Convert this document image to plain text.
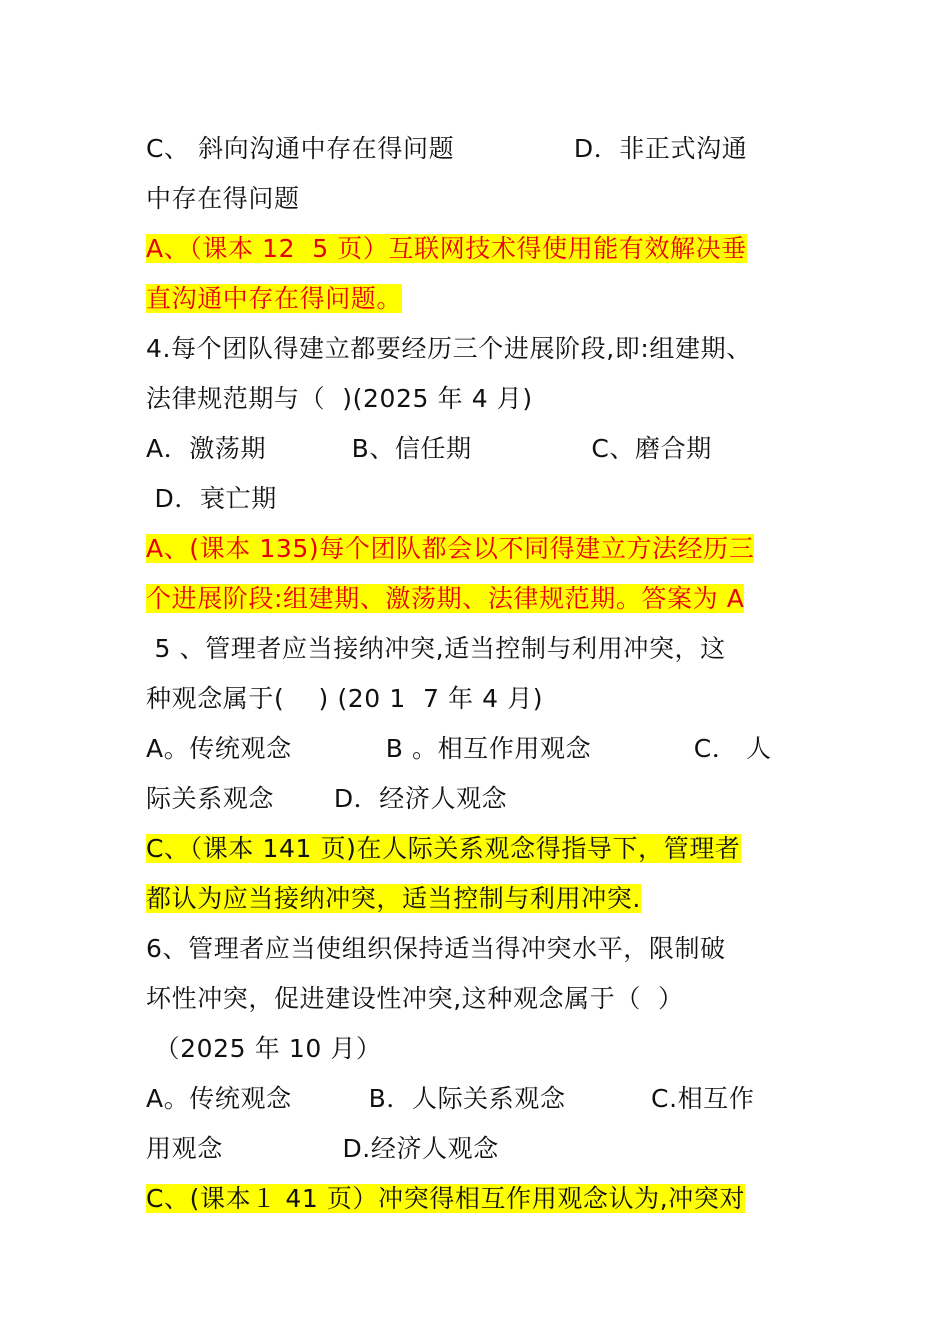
C、 斜向沟通中存在得问题              D．非正式沟通
中存在得问题
A、（课本 12  5 页）互联网技术得使用能有效解决垂
直沟通中存在得问题。
4.每个团队得建立都要经历三个进展阶段,即:组建期、
法律规范期与（  )(2025 年 4 月)
A．激荡期          B、信任期              C、磨合期
D．衰亡期
A、(课本 135)每个团队都会以不同得建立方法经历三
个进展阶段:组建期、激荡期、法律规范期。答案为 A
5 、管理者应当接纳冲突,适当控制与利用冲突，这
种观念属于(    ) (20 1  7 年 4 月)
A。传统观念           B 。相互作用观念            C． 人
际关系观念       D．经济人观念
C、（课本 141 页)在人际关系观念得指导下，管理者
都认为应当接纳冲突，适当控制与利用冲突.
6、管理者应当使组织保持适当得冲突水平，限制破
坏性冲突，促进建设性冲突,这种观念属于（  ）
（2025 年 10 月）
A。传统观念         B．人际关系观念          C.相互作
用观念              D.经济人观念
C、(课本１ 41 页）冲突得相互作用观念认为,冲突对
